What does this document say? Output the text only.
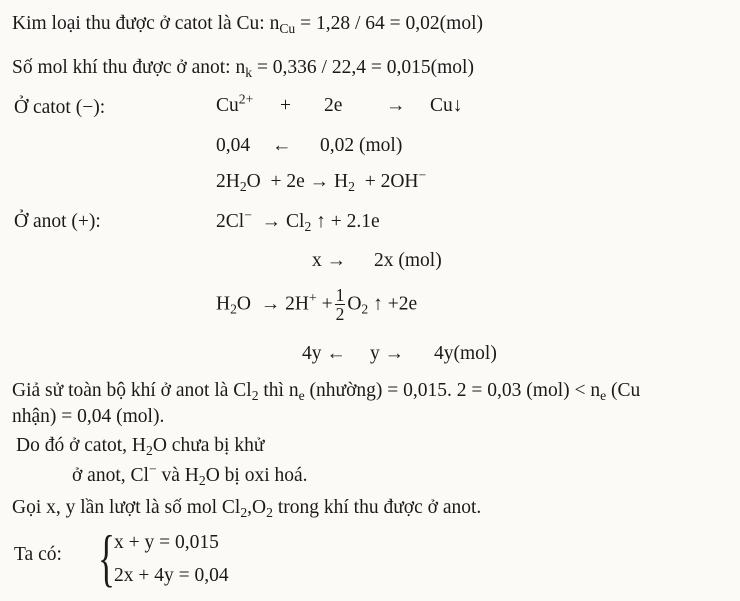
Kim loại thu được ở catot là Cu: $n_{Cu} = 1,28 / 64 = 0,02(mol)$
Số mol khí thu được ở anot: $n_k = 0,336 / 22,4 = 0,015(mol)$
Ở catot (−):	$Cu^{2+} + 2e$ → Cu↓
0,04 ← 0,02 (mol)
$2H_2O + 2e \to H_2 + 2OH^-$
Ở anot (+):	$2Cl^- \to Cl_2$ ↑ + 2.1e
x → 2x (mol)
$H_2O \to 2H^+ + \frac{1}{2} O_2$ ↑ +2e
4y ← y → 4y(mol)
Giả sử toàn bộ khí ở anot là $Cl_2$ thì $n_e$ (nhường) = 0,015. 2 = 0,03 $(mol) < n_e$ (Cu
nhận) = 0,04 (mol).
Do đó ở catot, $H_2O$ chưa bị khử
ở anot, Cl− và $H_2O$ bị oxi hoá.
Gọi x, y lần lượt là số mol $Cl_2,O_2$ trong khí thu được ở anot.
Ta có: { x + y = 0,015
2x + 4y = 0,04
